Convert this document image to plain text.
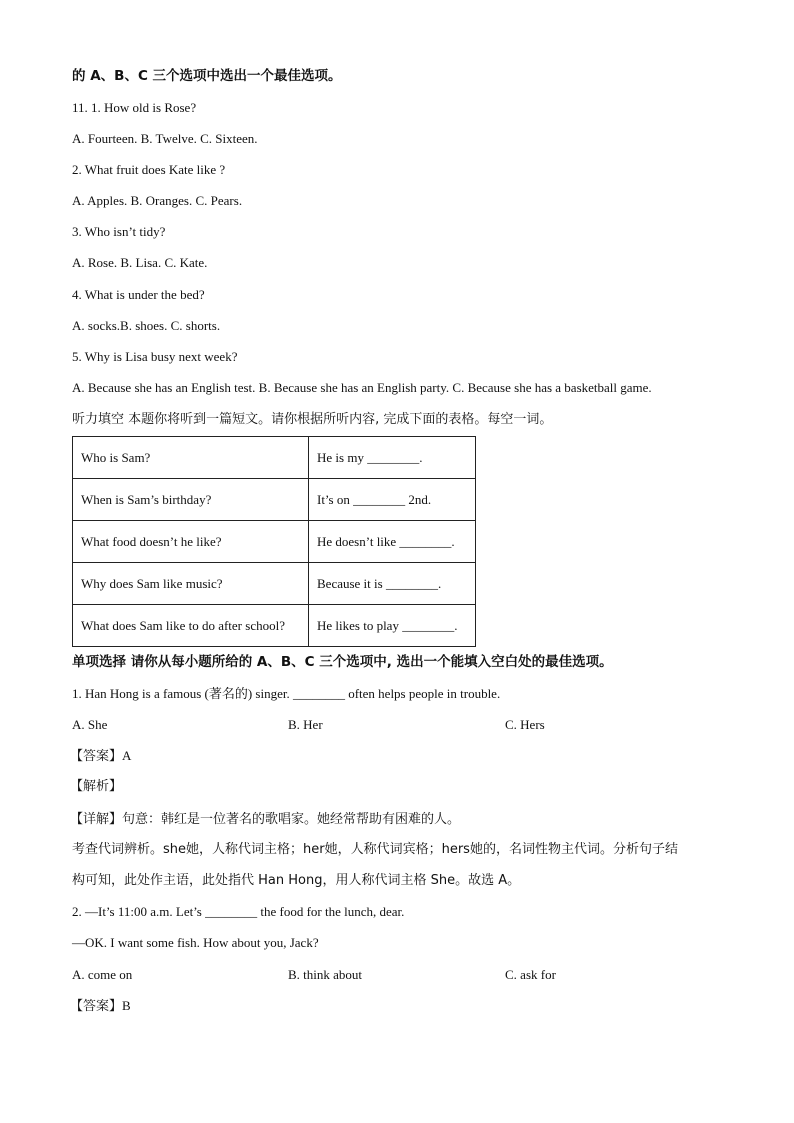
的 A、B、C 三个选项中选出一个最佳选项。
11. 1. How old is Rose?
A. Fourteen. B. Twelve. C. Sixteen.
2. What fruit does Kate like ?
A. Apples. B. Oranges. C. Pears.
3. Who isn’t tidy?
A. Rose. B. Lisa. C. Kate.
4. What is under the bed?
A. socks.B. shoes. C. shorts.
5. Why is Lisa busy next week?
A. Because she has an English test. B. Because she has an English party. C. Because she has a basketball game.
听力填空 本题你将听到一篇短文。请你根据所听内容, 完成下面的表格。每空一词。
Who is Sam?	He is my ________.
When is Sam’s birthday?	It’s on ________ 2nd.
What food doesn’t he like?	He doesn’t like ________.
Why does Sam like music?	Because it is ________.
What does Sam like to do after school?	He likes to play ________.
单项选择 请你从每小题所给的 A、B、C 三个选项中, 选出一个能填入空白处的最佳选项。
1. Han Hong is a famous (著名的) singer. ________ often helps people in trouble.
A. She	B. Her	C. Hers
【答案】A
【解析】
【详解】句意：韩红是一位著名的歌唱家。她经常帮助有困难的人。
考查代词辨析。she她，人称代词主格；her她，人称代词宾格；hers她的，名词性物主代词。分析句子结
构可知，此处作主语，此处指代 Han Hong，用人称代词主格 She。故选 A。
2. —It’s 11:00 a.m. Let’s ________ the food for the lunch, dear.
—OK. I want some fish. How about you, Jack?
A. come on	B. think about	C. ask for
【答案】B
